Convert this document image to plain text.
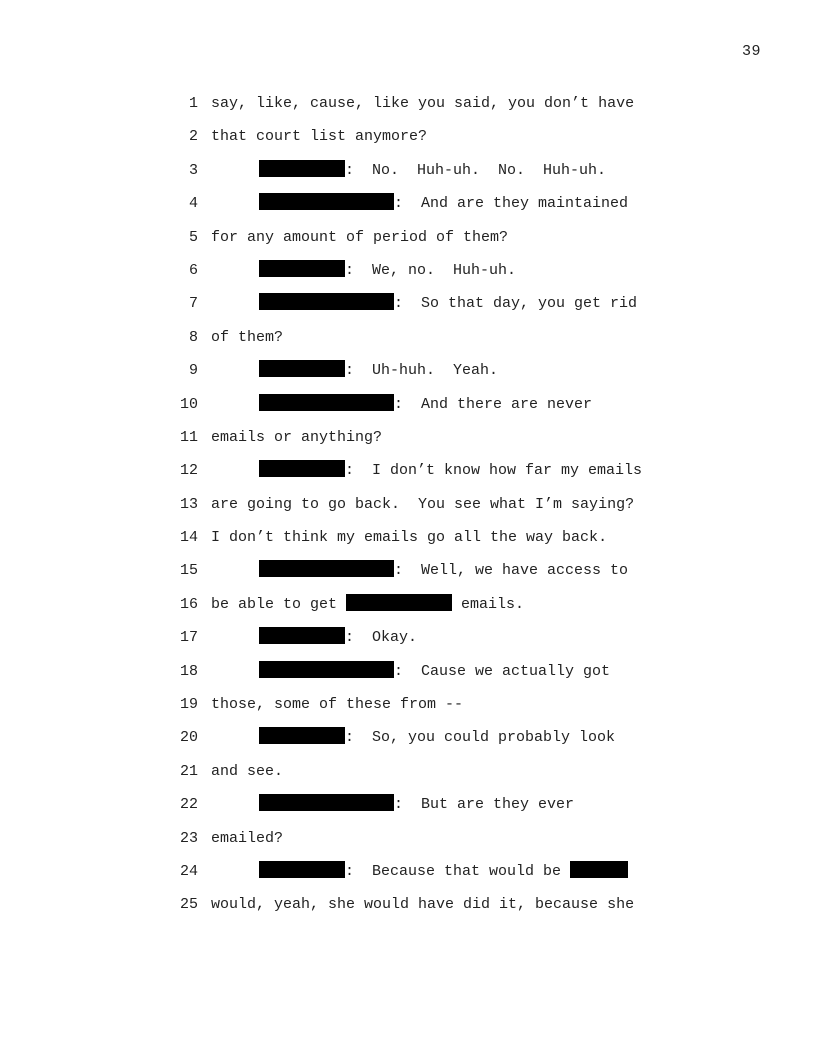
39

1

say, like, cause, like you said, you don’t have

2

that court list anymore?

3

	:  No.  Huh-uh.  No.  Huh-uh.

4

	:  And are they maintained

5

for any amount of period of them?

6

	:  We, no.  Huh-uh.

7

	:  So that day, you get rid

8

of them?

9

	:  Uh-huh.  Yeah.

10

	:  And there are never

11

emails or anything?

12

	:  I don’t know how far my emails

13

are going to go back.  You see what I’m saying?

14

I don’t think my emails go all the way back.

15

	:  Well, we have access to

16

be able to get	emails.

17

	:  Okay.

18

	:  Cause we actually got

19

those, some of these from --

20

	:  So, you could probably look

21

and see.

22

	:  But are they ever

23

emailed?

24

	:  Because that would be

25

would, yeah, she would have did it, because she
